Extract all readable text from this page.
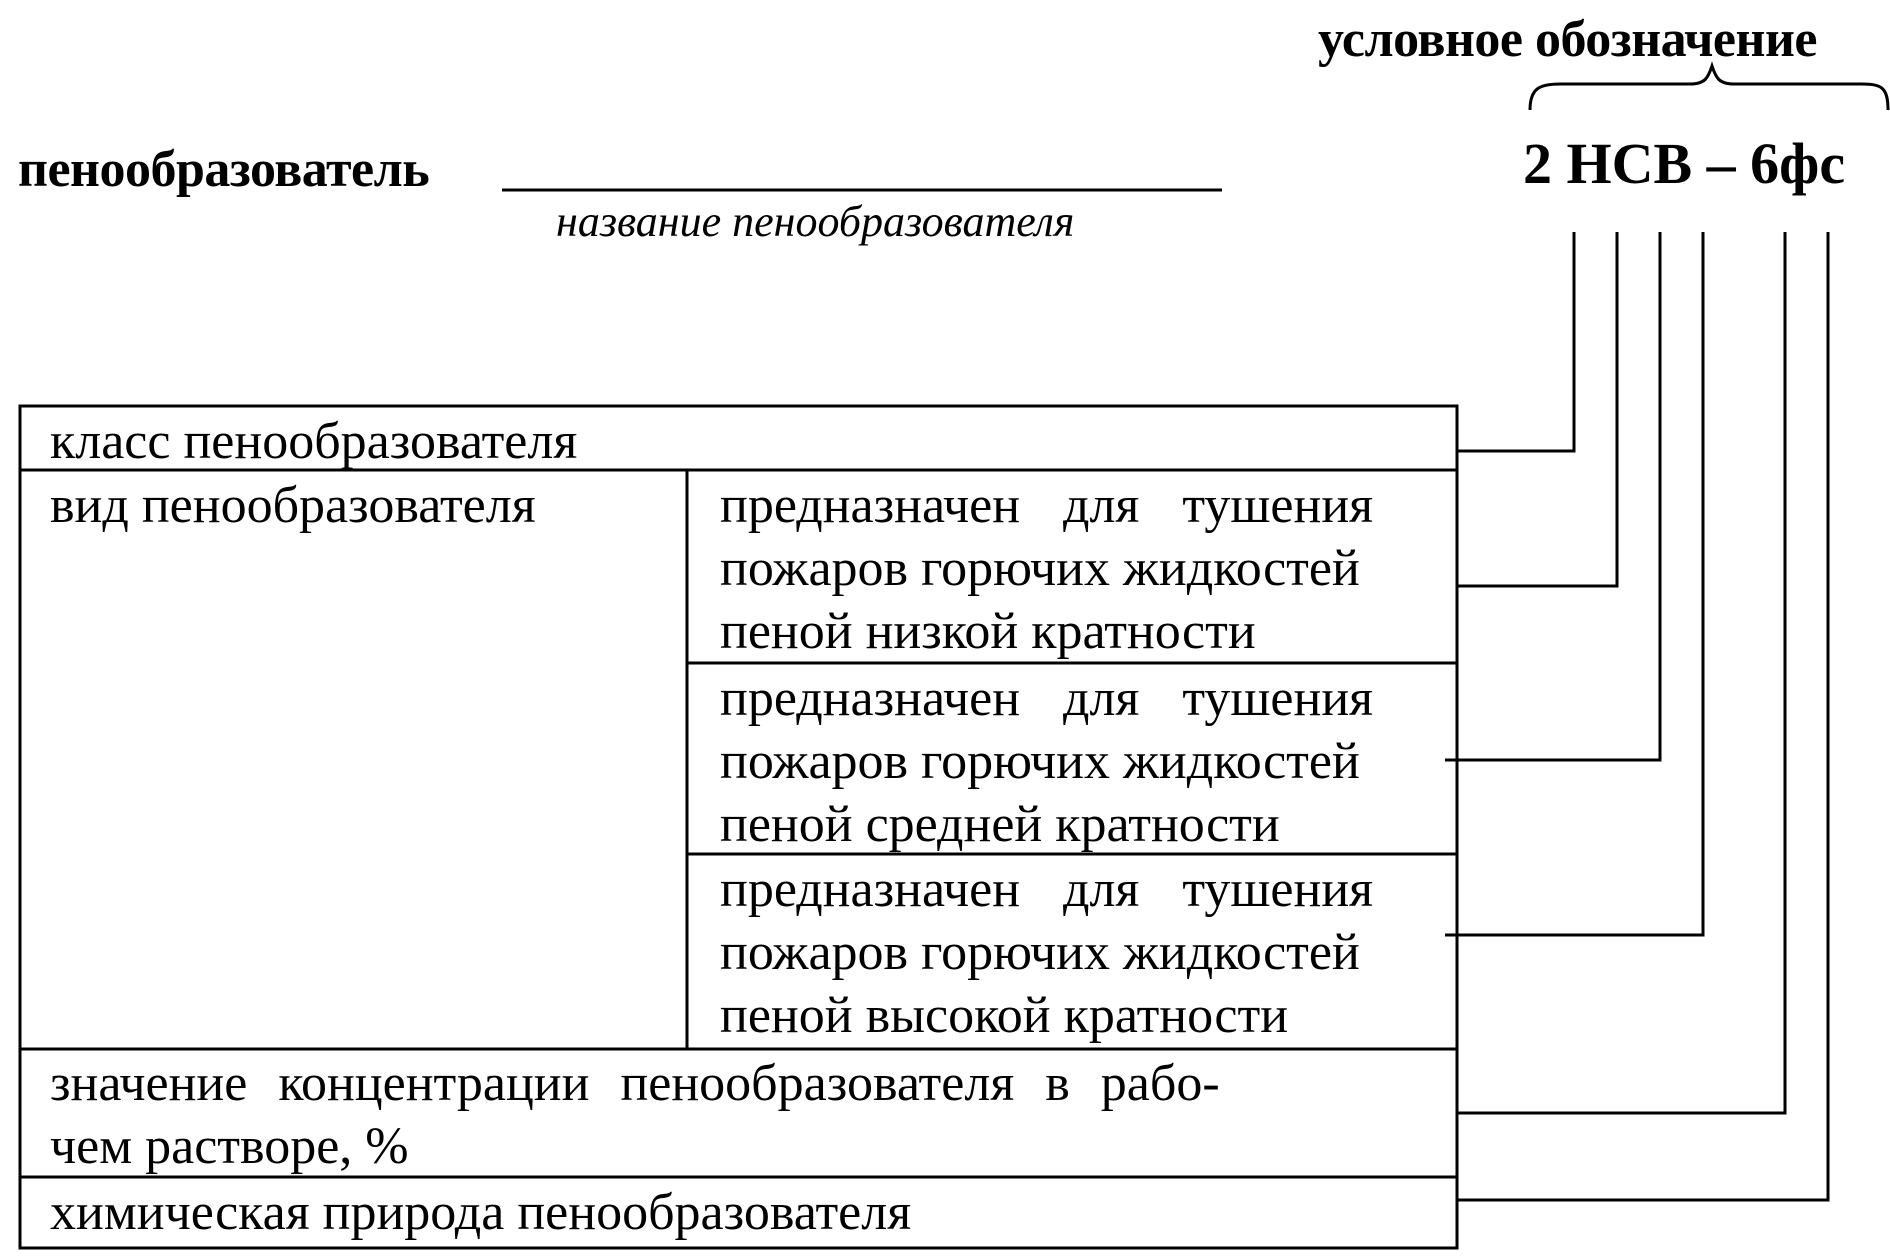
условное обозначение
2 НСВ – 6фс
пенообразователь
название пенообразователя
класс пенообразователя
вид пенообразователя	предназначен для тушения
пожаров горючих жидкостей
пеной низкой кратности
предназначен для тушения
пожаров горючих жидкостей
пеной средней кратности
предназначен для тушения
пожаров горючих жидкостей
пеной высокой кратности
значение концентрации пенообразователя в рабо-
чем растворе, %
химическая природа пенообразователя
